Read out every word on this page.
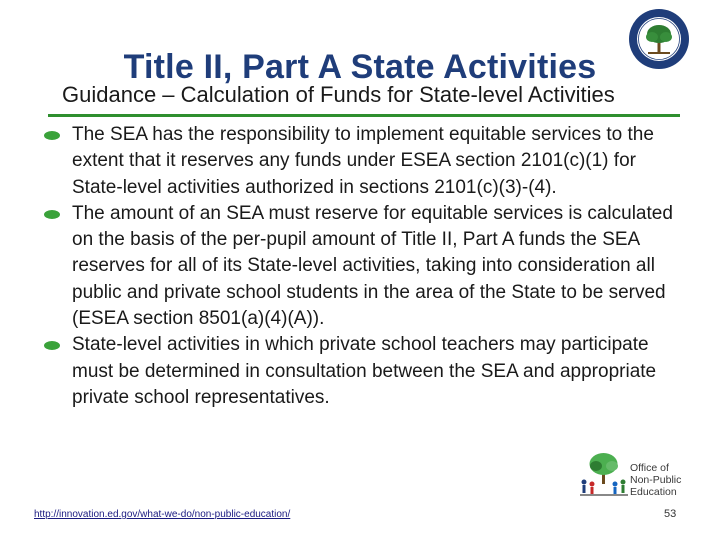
Title II, Part A State Activities
Guidance – Calculation of Funds for State-level Activities
The SEA has the responsibility to implement equitable services to the extent that it reserves any funds under ESEA section 2101(c)(1) for State-level activities authorized in sections 2101(c)(3)-(4).
The amount of an SEA must reserve for equitable services is calculated on the basis of the per-pupil amount of Title II, Part A funds the SEA reserves for all of its State-level activities, taking into consideration all public and private school students in the area of the State to be served (ESEA section 8501(a)(4)(A)).
State-level activities in which private school teachers may participate must be determined in consultation between the SEA and appropriate private school representatives.
Office of
Non-Public
Education
http://innovation.ed.gov/what-we-do/non-public-education/	53
